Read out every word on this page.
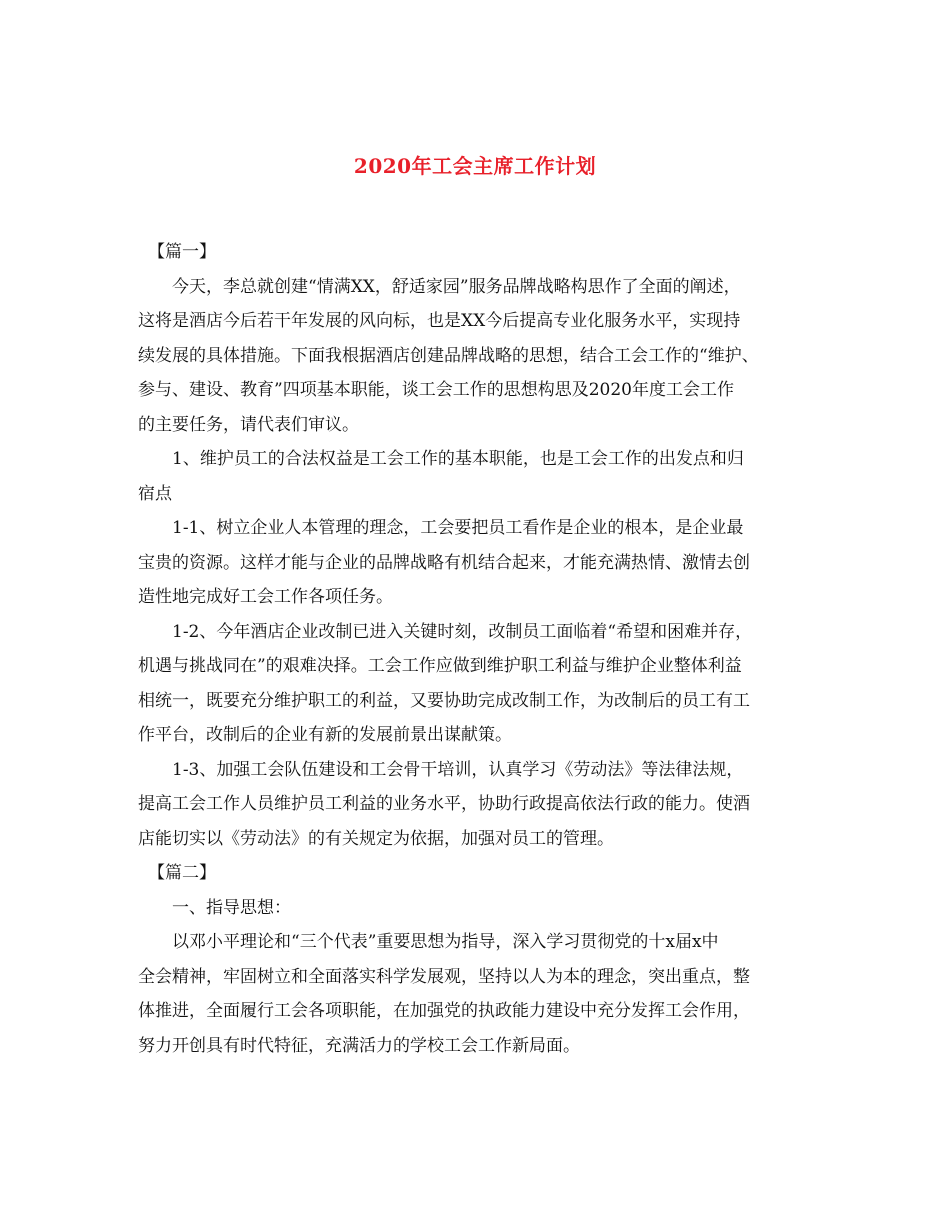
2020年工会主席工作计划
【篇一】
今天，李总就创建“情满XX，舒适家园”服务品牌战略构思作了全面的阐述，
这将是酒店今后若干年发展的风向标，也是XX今后提高专业化服务水平，实现持
续发展的具体措施。下面我根据酒店创建品牌战略的思想，结合工会工作的“维护、
参与、建设、教育”四项基本职能，谈工会工作的思想构思及2020年度工会工作
的主要任务，请代表们审议。
1、维护员工的合法权益是工会工作的基本职能，也是工会工作的出发点和归
宿点
1-1、树立企业人本管理的理念，工会要把员工看作是企业的根本，是企业最
宝贵的资源。这样才能与企业的品牌战略有机结合起来，才能充满热情、激情去创
造性地完成好工会工作各项任务。
1-2、今年酒店企业改制已进入关键时刻，改制员工面临着“希望和困难并存，
机遇与挑战同在”的艰难决择。工会工作应做到维护职工利益与维护企业整体利益
相统一，既要充分维护职工的利益，又要协助完成改制工作，为改制后的员工有工
作平台，改制后的企业有新的发展前景出谋献策。
1-3、加强工会队伍建设和工会骨干培训，认真学习《劳动法》等法律法规，
提高工会工作人员维护员工利益的业务水平，协助行政提高依法行政的能力。使酒
店能切实以《劳动法》的有关规定为依据，加强对员工的管理。
【篇二】
一、指导思想：
以邓小平理论和“三个代表”重要思想为指导，深入学习贯彻党的十x届x中
全会精神，牢固树立和全面落实科学发展观，坚持以人为本的理念，突出重点，整
体推进，全面履行工会各项职能，在加强党的执政能力建设中充分发挥工会作用，
努力开创具有时代特征，充满活力的学校工会工作新局面。
